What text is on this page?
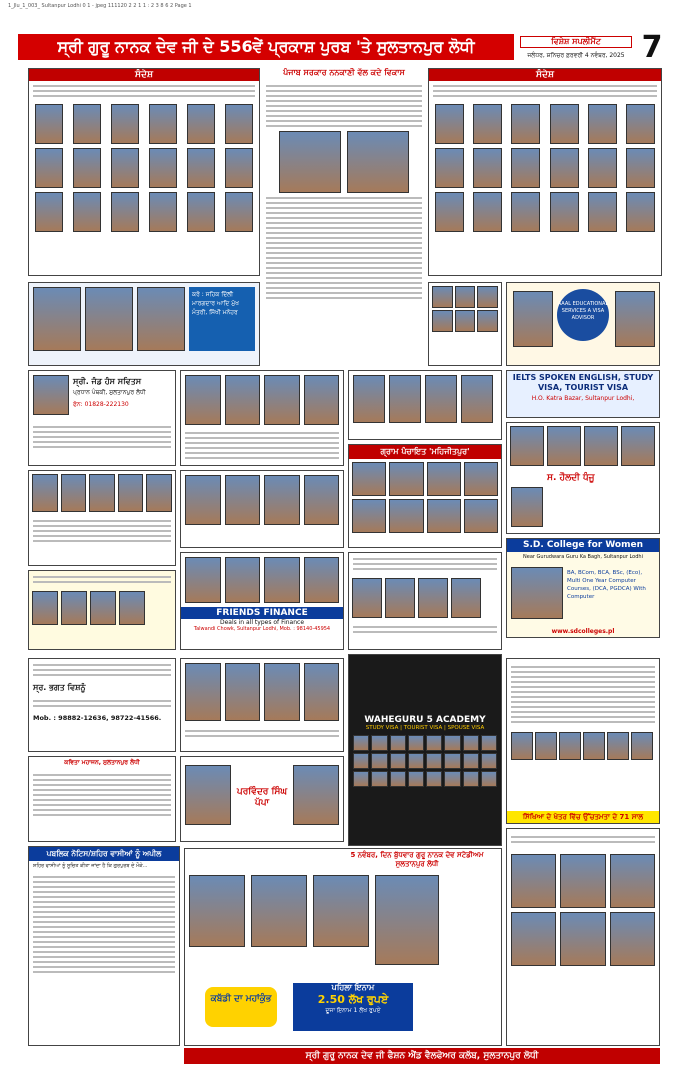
1_Jlu_1_003_ Sultanpur Lodhi 0 1 - jpeg 111120 2 2 1 1 : 2 3 8 6 2 Page 1
ਸ੍ਰੀ ਗੁਰੂ ਨਾਨਕ ਦੇਵ ਜੀ ਦੇ 556ਵੇਂ ਪ੍ਰਕਾਸ਼ ਪੁਰਬ 'ਤੇ ਸੁਲਤਾਨਪੁਰ ਲੋਧੀ	ਵਿਸ਼ੇਸ਼ ਸਪਲੀਮੈਂਟ
ਜਲੰਧਰ, ਸ਼ਨਿਚਰ ਫ਼ਰਵਰੀ 4 ਨਵੰਬਰ, 2025 7
ਸੰਦੇਸ਼	ਪੰਜਾਬ ਸਰਕਾਰ ਨਨਕਾਣੀ ਵੱਲ ਕਦੇ ਵਿਕਾਸ	ਸੰਦੇਸ਼
ਕਰੋ : ਸਹਿਕ ਦਿੱਲੀ ਮਾਰਗਦਾਰ ਆਦਿ ਮੁੱਖ ਮੰਤਰੀ, ਸਿੱਖੀ ਮਨੋਹਰ
AAAL EDUCATIONAL SERVICES A VISA ADVISOR
ਸ੍ਰੀ. ਜੰਡ ਹੰਸ ਸਵਿਤਸ
ਪ੍ਰਧਾਨ ਪੰਥਕੀ, ਸੁਲਤਾਨਪੁਰ ਲੋਧੀ
ਫੋਨ: 01828-222130
IELTS SPOKEN ENGLISH, STUDY VISA, TOURIST VISA
H.O. Katra Bazar, Sultanpur Lodhi,
ਗ੍ਰਾਮ ਪੰਚਾਇਤ 'ਮਹਿਜੀਤਪੁਰ'
ਸ. ਹੌਲਦੀ ਧੰਜੂ
S.D. College for Women
Near Gurudwara Guru Ka Bagh, Sultanpur Lodhi
BA, BCom, BCA, BSc, (Eco), Multi One Year Computer Courses, (DCA, PGDCA) With Computer
www.sdcolleges.pl
FRIENDS FINANCE
Deals in all types of Finance
Talwandi Chowk, Sultanpur Lodhi, Mob. : 98140-45954
ਸ੍ਰ. ਭਗਤ ਵਿਸ਼ਨੂੰ
Mob. : 98882-12636, 98722-41566.	WAHEGURU 5 ACADEMY
STUDY VISA | TOURIST VISA | SPOUSE VISA
ਸਿੱਖਿਆ ਦੇ ਖੇਤਰ ਵਿੱਚ ਉੱਚਤਮਤਾ ਦੇ 71 ਸਾਲ
ਕਵਿਤਾ ਮਹਾਜਨ, ਸੁਲਤਾਨਪੁਰ ਲੋਧੀ
ਪਰਵਿੰਦਰ ਸਿੰਘ ਪੱਪਾ
ਪਬਲਿਕ ਨੋਟਿਸ/ਸ਼ਹਿਰ ਵਾਸੀਆਂ ਨੂੰ ਅਪੀਲ
ਸ਼ਹਿਰ ਵਾਸੀਆਂ ਨੂੰ ਸੂਚਿਤ ਕੀਤਾ ਜਾਂਦਾ ਹੈ ਕਿ ਗੁਰਪੁਰਬ ਦੇ ਮੌਕੇ...
5 ਨਵੰਬਰ, ਦਿਨ ਬੁੱਧਵਾਰ ਗੁਰੂ ਨਾਨਕ ਦੇਵ ਸਟੇਡੀਅਮ ਸੁਲਤਾਨਪੁਰ ਲੋਧੀ
ਕਬੱਡੀ ਦਾ ਮਹਾਂਕੁੰਭ
ਪਹਿਲਾ ਇਨਾਮ
2.50 ਲੱਖ ਰੁਪਏ
ਦੂਜਾ ਇਨਾਮ 1 ਲੱਖ ਰੁਪਏ
ਸ੍ਰੀ ਗੁਰੂ ਨਾਨਕ ਦੇਵ ਜੀ ਫੈਸ਼ਨ ਐਂਡ ਵੈਲਫੇਅਰ ਕਲੱਬ, ਸੁਲਤਾਨਪੁਰ ਲੋਧੀ
